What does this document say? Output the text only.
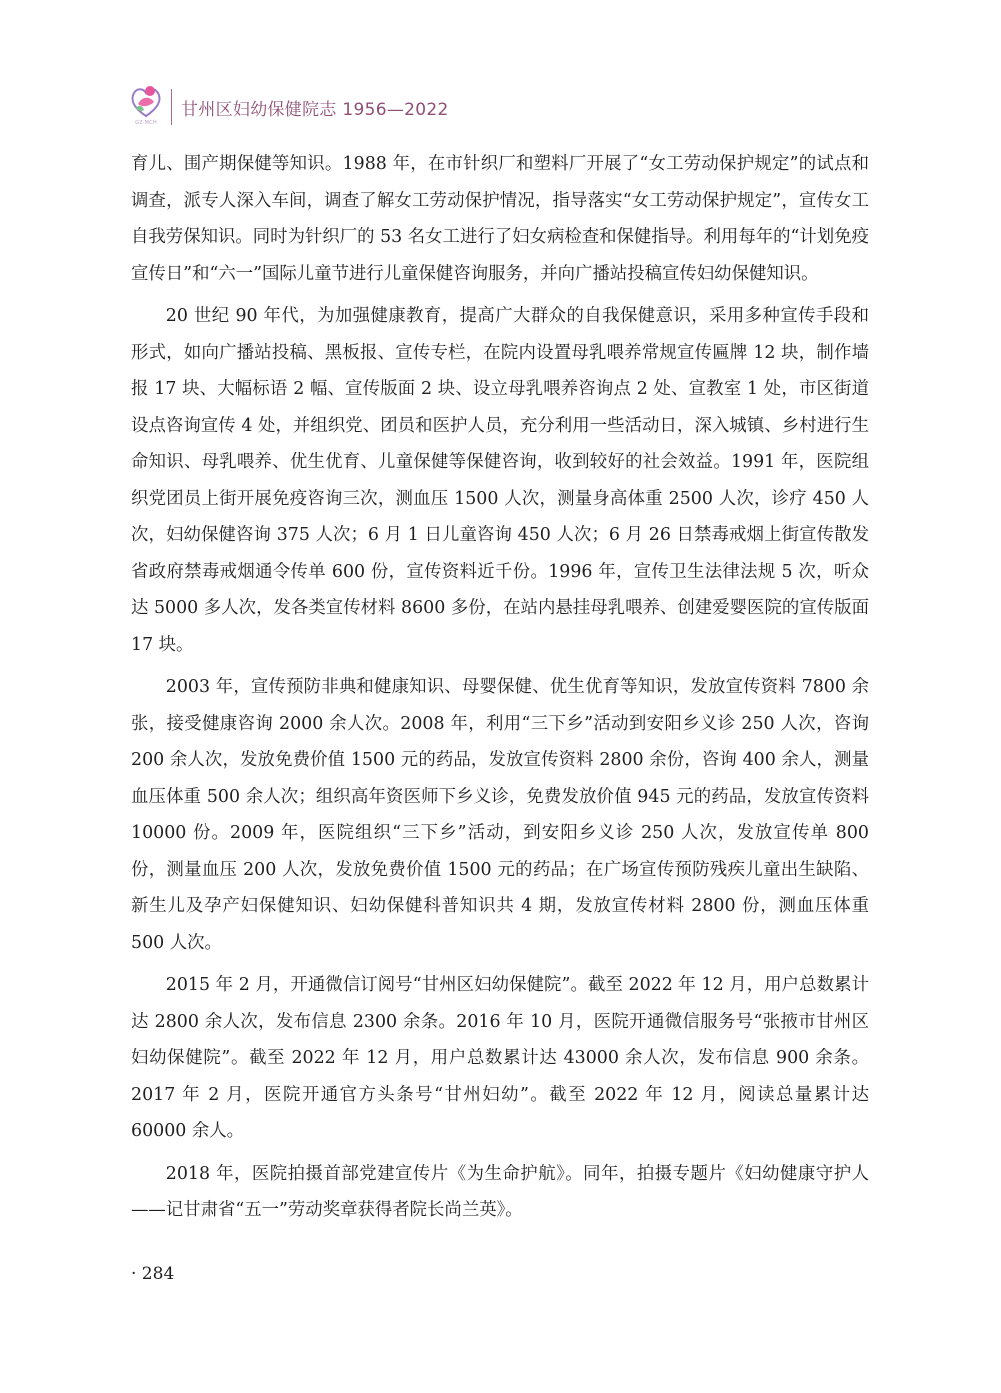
GZ·MCH
甘州区妇幼保健院志 1956—2022

育儿、围产期保健等知识。1988 年，在市针织厂和塑料厂开展了“女工劳动保护规定”的试点和调查，派专人深入车间，调查了解女工劳动保护情况，指导落实“女工劳动保护规定”，宣传女工自我劳保知识。同时为针织厂的 53 名女工进行了妇女病检查和保健指导。利用每年的“计划免疫宣传日”和“六一”国际儿童节进行儿童保健咨询服务，并向广播站投稿宣传妇幼保健知识。

20 世纪 90 年代，为加强健康教育，提高广大群众的自我保健意识，采用多种宣传手段和形式，如向广播站投稿、黑板报、宣传专栏，在院内设置母乳喂养常规宣传匾牌 12 块，制作墙报 17 块、大幅标语 2 幅、宣传版面 2 块、设立母乳喂养咨询点 2 处、宣教室 1 处，市区街道设点咨询宣传 4 处，并组织党、团员和医护人员，充分利用一些活动日，深入城镇、乡村进行生命知识、母乳喂养、优生优育、儿童保健等保健咨询，收到较好的社会效益。1991 年，医院组织党团员上街开展免疫咨询三次，测血压 1500 人次，测量身高体重 2500 人次，诊疗 450 人次，妇幼保健咨询 375 人次；6 月 1 日儿童咨询 450 人次；6 月 26 日禁毒戒烟上街宣传散发省政府禁毒戒烟通令传单 600 份，宣传资料近千份。1996 年，宣传卫生法律法规 5 次，听众达 5000 多人次，发各类宣传材料 8600 多份，在站内悬挂母乳喂养、创建爱婴医院的宣传版面 17 块。

2003 年，宣传预防非典和健康知识、母婴保健、优生优育等知识，发放宣传资料 7800 余张，接受健康咨询 2000 余人次。2008 年，利用“三下乡”活动到安阳乡义诊 250 人次，咨询 200 余人次，发放免费价值 1500 元的药品，发放宣传资料 2800 余份，咨询 400 余人，测量血压体重 500 余人次；组织高年资医师下乡义诊，免费发放价值 945 元的药品，发放宣传资料 10000 份。2009 年，医院组织“三下乡”活动，到安阳乡义诊 250 人次，发放宣传单 800 份，测量血压 200 人次，发放免费价值 1500 元的药品；在广场宣传预防残疾儿童出生缺陷、新生儿及孕产妇保健知识、妇幼保健科普知识共 4 期，发放宣传材料 2800 份，测血压体重 500 人次。

2015 年 2 月，开通微信订阅号“甘州区妇幼保健院”。截至 2022 年 12 月，用户总数累计达 2800 余人次，发布信息 2300 余条。2016 年 10 月，医院开通微信服务号“张掖市甘州区妇幼保健院”。截至 2022 年 12 月，用户总数累计达 43000 余人次，发布信息 900 余条。2017 年 2 月，医院开通官方头条号“甘州妇幼”。截至 2022 年 12 月，阅读总量累计达 60000 余人。

2018 年，医院拍摄首部党建宣传片《为生命护航》。同年，拍摄专题片《妇幼健康守护人——记甘肃省“五一”劳动奖章获得者院长尚兰英》。

· 284
